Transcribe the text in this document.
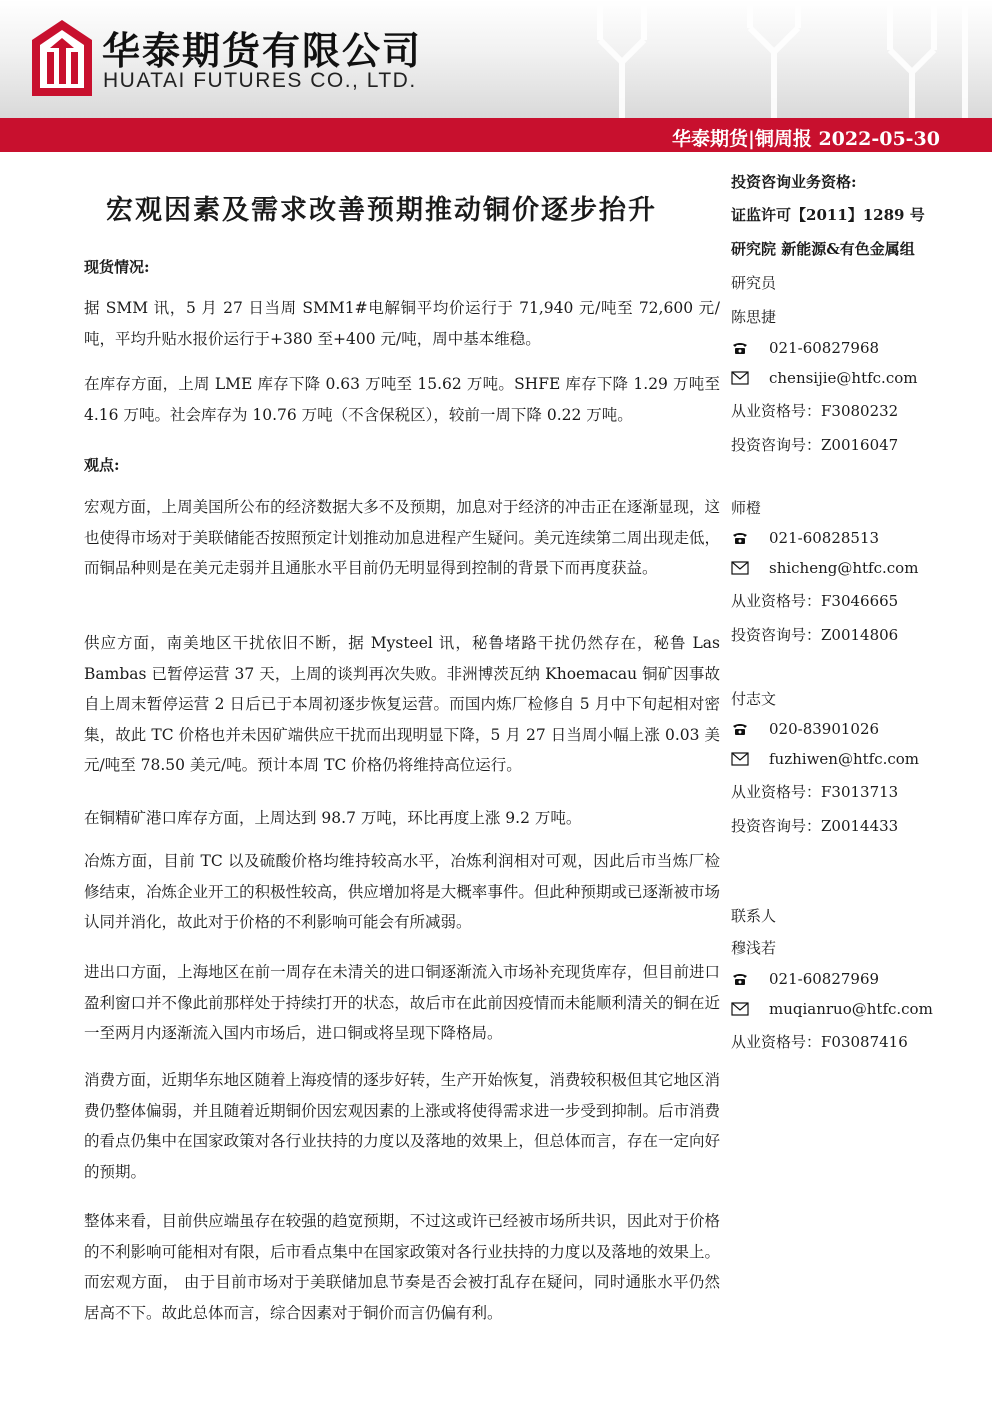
华泰期货有限公司
HUATAI FUTURES CO., LTD.
华泰期货|铜周报 2022-05-30
宏观因素及需求改善预期推动铜价逐步抬升
现货情况:

据 SMM 讯，5 月 27 日当周 SMM1#电解铜平均价运行于 71,940 元/吨至 72,600 元/吨，平均升贴水报价运行于+380 至+400 元/吨，周中基本维稳。

在库存方面，上周 LME 库存下降 0.63 万吨至 15.62 万吨。SHFE 库存下降 1.29 万吨至 4.16 万吨。社会库存为 10.76 万吨（不含保税区），较前一周下降 0.22 万吨。

观点:

宏观方面，上周美国所公布的经济数据大多不及预期，加息对于经济的冲击正在逐渐显现，这也使得市场对于美联储能否按照预定计划推动加息进程产生疑问。美元连续第二周出现走低，而铜品种则是在美元走弱并且通胀水平目前仍无明显得到控制的背景下而再度获益。

供应方面，南美地区干扰依旧不断，据 Mysteel 讯，秘鲁堵路干扰仍然存在，秘鲁 Las Bambas 已暂停运营 37 天，上周的谈判再次失败。非洲博茨瓦纳 Khoemacau 铜矿因事故自上周末暂停运营 2 日后已于本周初逐步恢复运营。而国内炼厂检修自 5 月中下旬起相对密集，故此 TC 价格也并未因矿端供应干扰而出现明显下降，5 月 27 日当周小幅上涨 0.03 美元/吨至 78.50 美元/吨。预计本周 TC 价格仍将维持高位运行。

在铜精矿港口库存方面，上周达到 98.7 万吨，环比再度上涨 9.2 万吨。

冶炼方面，目前 TC 以及硫酸价格均维持较高水平，冶炼利润相对可观，因此后市当炼厂检修结束，冶炼企业开工的积极性较高，供应增加将是大概率事件。但此种预期或已逐渐被市场认同并消化，故此对于价格的不利影响可能会有所减弱。

进出口方面，上海地区在前一周存在未清关的进口铜逐渐流入市场补充现货库存，但目前进口盈利窗口并不像此前那样处于持续打开的状态，故后市在此前因疫情而未能顺利清关的铜在近一至两月内逐渐流入国内市场后，进口铜或将呈现下降格局。

消费方面，近期华东地区随着上海疫情的逐步好转，生产开始恢复，消费较积极但其它地区消费仍整体偏弱，并且随着近期铜价因宏观因素的上涨或将使得需求进一步受到抑制。后市消费的看点仍集中在国家政策对各行业扶持的力度以及落地的效果上，但总体而言，存在一定向好的预期。

整体来看，目前供应端虽存在较强的趋宽预期，不过这或许已经被市场所共识，因此对于价格的不利影响可能相对有限，后市看点集中在国家政策对各行业扶持的力度以及落地的效果上。而宏观方面， 由于目前市场对于美联储加息节奏是否会被打乱存在疑问，同时通胀水平仍然居高不下。故此总体而言，综合因素对于铜价而言仍偏有利。

投资咨询业务资格:
证监许可【2011】1289 号
研究院 新能源&有色金属组
研究员
陈思捷
021-60827968
chensijie@htfc.com
从业资格号：F3080232
投资咨询号：Z0016047
师橙
021-60828513
shicheng@htfc.com
从业资格号：F3046665
投资咨询号：Z0014806
付志文
020-83901026
fuzhiwen@htfc.com
从业资格号：F3013713
投资咨询号：Z0014433
联系人
穆浅若
021-60827969
muqianruo@htfc.com
从业资格号：F03087416
